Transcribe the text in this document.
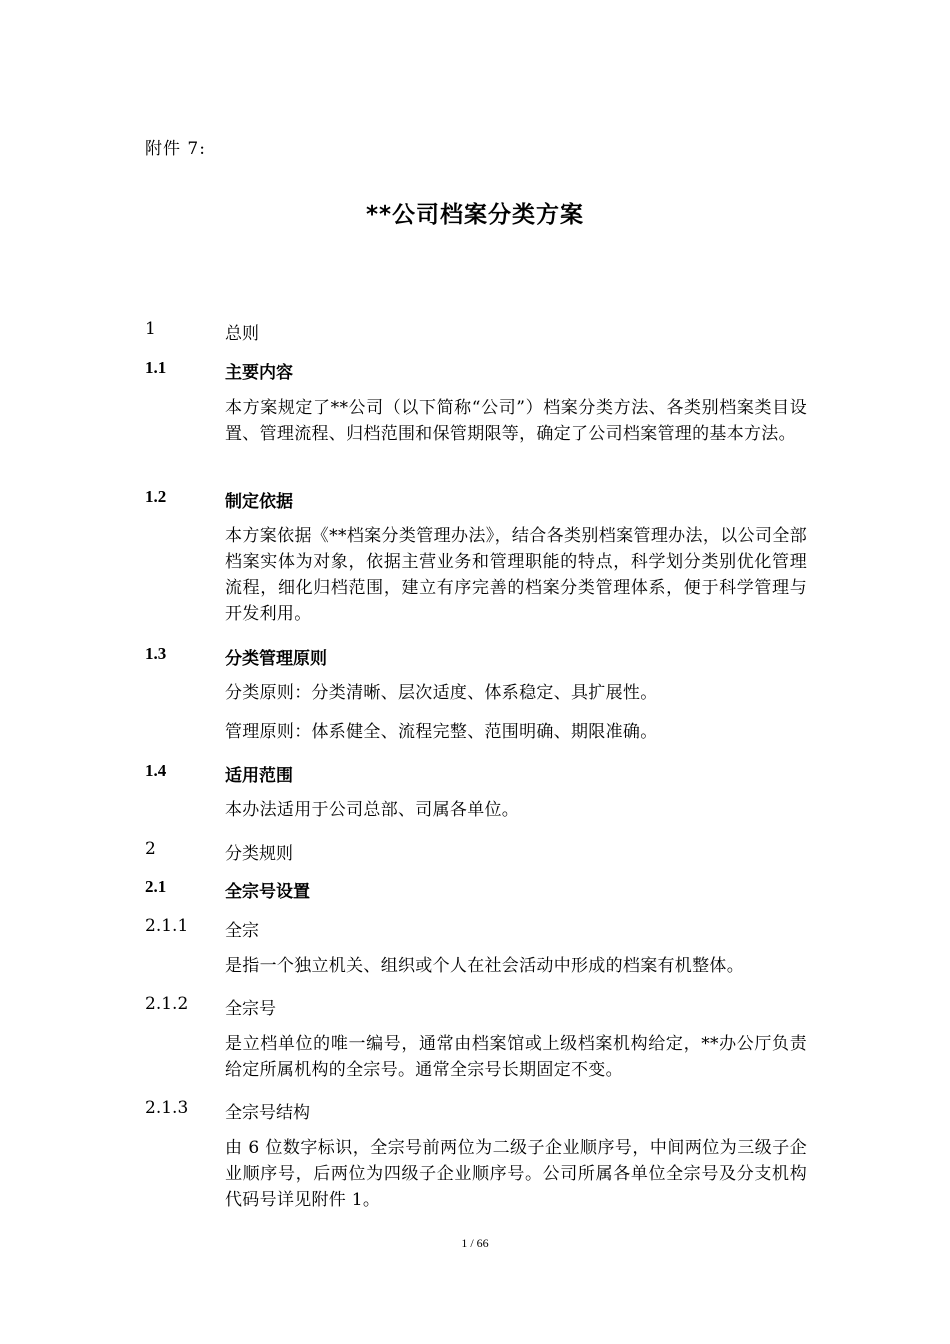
附件 7:
**公司档案分类方案
1	总则
1.1	主要内容
本方案规定了**公司（以下简称“公司”）档案分类方法、各类别档案类目设置、管理流程、归档范围和保管期限等，确定了公司档案管理的基本方法。
1.2	制定依据
本方案依据《**档案分类管理办法》，结合各类别档案管理办法，以公司全部档案实体为对象，依据主营业务和管理职能的特点，科学划分类别优化管理流程，细化归档范围，建立有序完善的档案分类管理体系，便于科学管理与开发利用。
1.3	分类管理原则
分类原则：分类清晰、层次适度、体系稳定、具扩展性。
管理原则：体系健全、流程完整、范围明确、期限准确。
1.4	适用范围
本办法适用于公司总部、司属各单位。
2	分类规则
2.1	全宗号设置
2.1.1 全宗
是指一个独立机关、组织或个人在社会活动中形成的档案有机整体。
2.1.2 全宗号
是立档单位的唯一编号，通常由档案馆或上级档案机构给定，**办公厅负责给定所属机构的全宗号。通常全宗号长期固定不变。
2.1.3 全宗号结构
由 6 位数字标识，全宗号前两位为二级子企业顺序号，中间两位为三级子企业顺序号，后两位为四级子企业顺序号。公司所属各单位全宗号及分支机构代码号详见附件 1。
1 / 66
